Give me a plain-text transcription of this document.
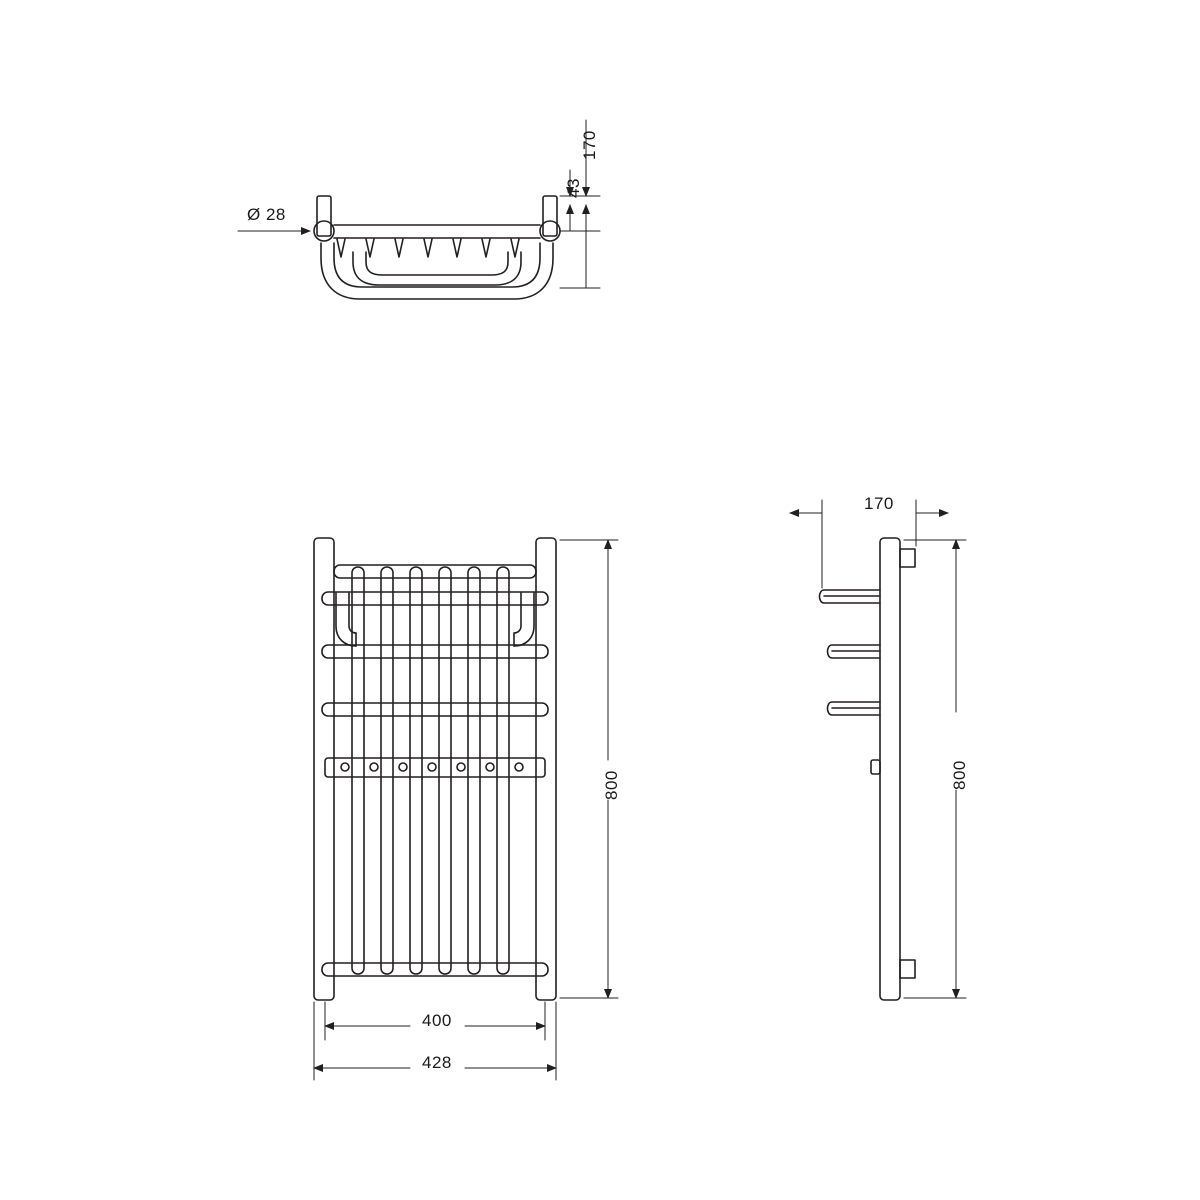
Ø 28
170
43
800
400
428
170
800
